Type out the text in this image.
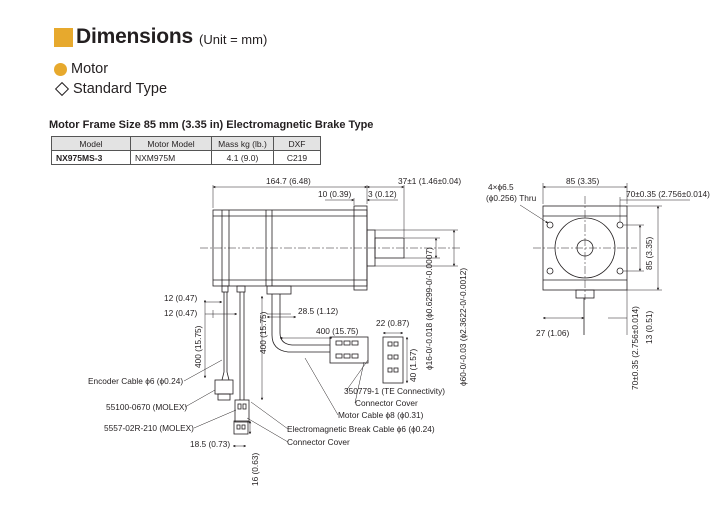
Dimensions (Unit = mm)
Motor
Standard Type
Motor Frame Size 85 mm (3.35 in) Electromagnetic Brake Type
Model	Motor Model	Mass kg (lb.)	DXF
NX975MS-3	NXM975M	4.1 (9.0)	C219
164.7 (6.48)
10 (0.39) 3 (0.12)
37±1 (1.46±0.04)
4×ϕ6.5
(ϕ0.256) Thru
85 (3.35)
70±0.35 (2.756±0.014)
85 (3.35)
12 (0.47)
12 (0.47)	28.5 (1.12)
400 (15.75)	400 (15.75)	400 (15.75)
22 (0.87)
40 (1.57) ϕ16-0/-0.018 (ϕ0.6299-0/-0.0007)	ϕ60-0/-0.03 (ϕ2.3622-0/-0.0012)	70±0.35 (2.756±0.014)
27 (1.06)	13 (0.51)
18.5 (0.73)
16 (0.63)
Encoder Cable ϕ6 (ϕ0.24)
55100-0670 (MOLEX)
5557-02R-210 (MOLEX)
350779-1 (TE Connectivity)
Connector Cover
Motor Cable ϕ8 (ϕ0.31)
Electromagnetic Break Cable ϕ6 (ϕ0.24)
Connector Cover
